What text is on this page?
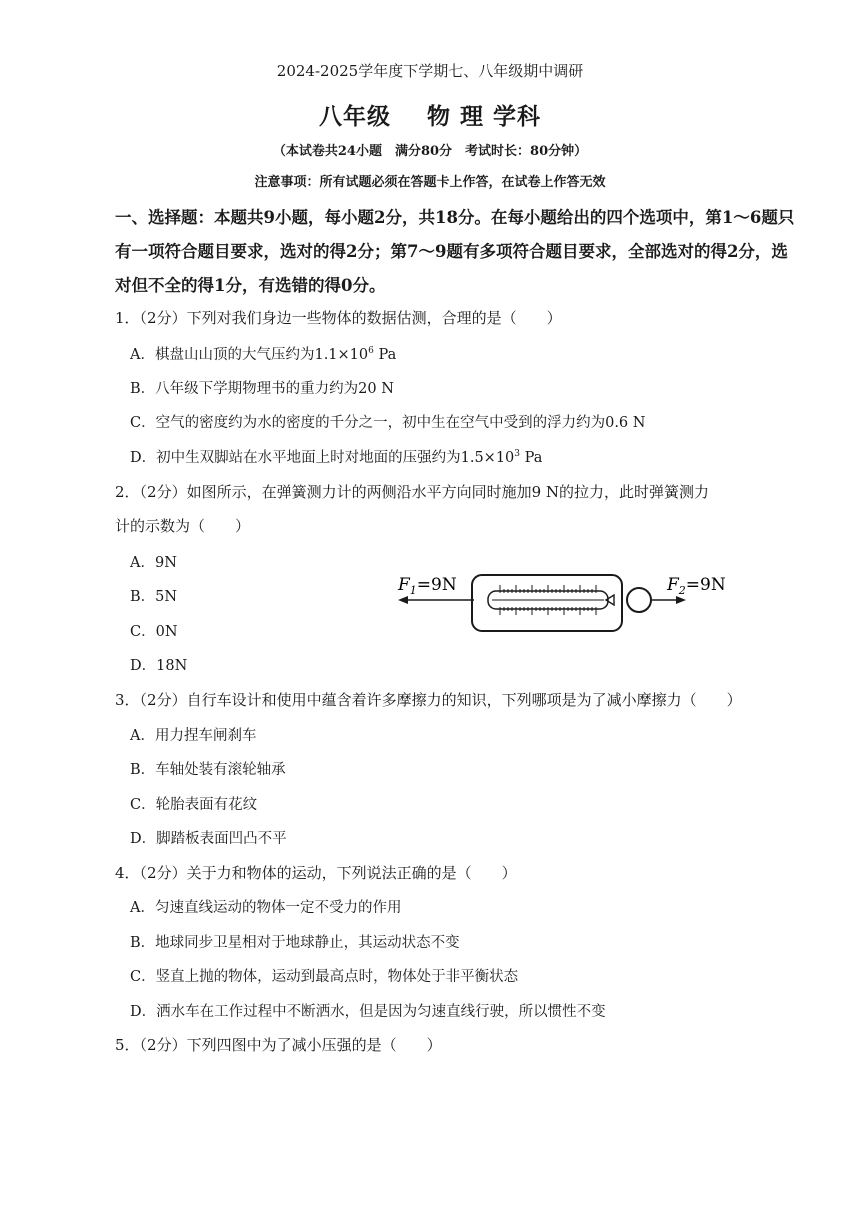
2024-2025学年度下学期七、八年级期中调研
八年级 物 理 学科
（本试卷共24小题　满分80分　考试时长：80分钟）
注意事项：所有试题必须在答题卡上作答，在试卷上作答无效
一、选择题：本题共9小题，每小题2分，共18分。在每小题给出的四个选项中，第1～6题只
有一项符合题目要求，选对的得2分；第7～9题有多项符合题目要求，全部选对的得2分，选
对但不全的得1分，有选错的得0分。
1．（2分）下列对我们身边一些物体的数据估测，合理的是（　　）
A．棋盘山山顶的大气压约为$1.1\times 10^6$ Pa
B．八年级下学期物理书的重力约为20 N
C．空气的密度约为水的密度的千分之一，初中生在空气中受到的浮力约为0.6 N
D．初中生双脚站在水平地面上时对地面的压强约为$1.5\times 10^3$ Pa
2．（2分）如图所示，在弹簧测力计的两侧沿水平方向同时施加9 N的拉力，此时弹簧测力
计的示数为（　　）
A．9N
B．5N
C．0N
D．18N
$F_1=9N$	$F_2=9N$
3．（2分）自行车设计和使用中蕴含着许多摩擦力的知识，下列哪项是为了减小摩擦力（　　）
A．用力捏车闸刹车
B．车轴处装有滚轮轴承
C．轮胎表面有花纹
D．脚踏板表面凹凸不平
4．（2分）关于力和物体的运动，下列说法正确的是（　　）
A．匀速直线运动的物体一定不受力的作用
B．地球同步卫星相对于地球静止，其运动状态不变
C．竖直上抛的物体，运动到最高点时，物体处于非平衡状态
D．洒水车在工作过程中不断洒水，但是因为匀速直线行驶，所以惯性不变
5．（2分）下列四图中为了减小压强的是（　　）
